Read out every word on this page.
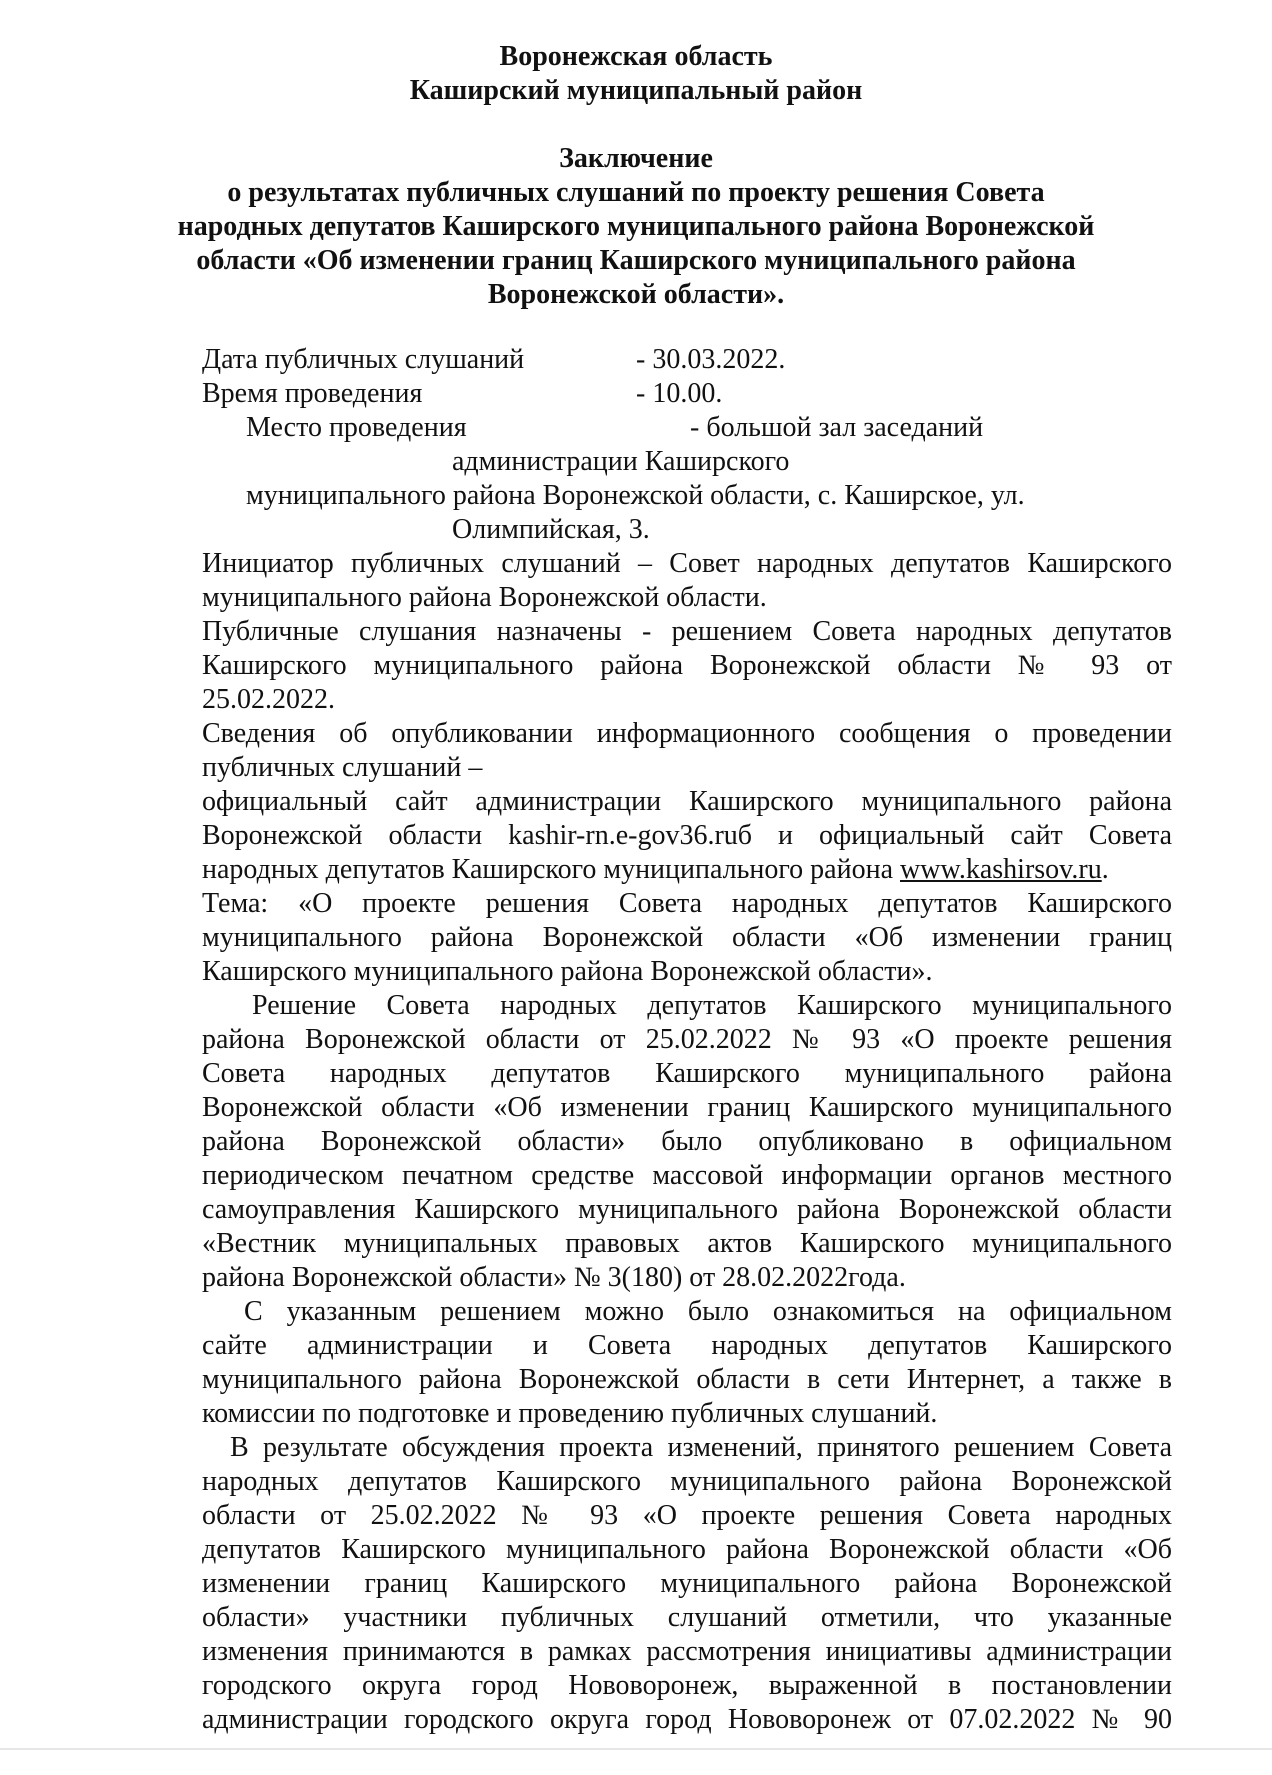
Воронежская область
Каширский муниципальный район
Заключение
о результатах публичных слушаний по проекту решения Совета
народных депутатов Каширского муниципального района Воронежской
области «Об изменении границ Каширского муниципального района
Воронежской области».
Дата публичных слушаний	- 30.03.2022.
Время проведения	- 10.00.
Место проведения	- большой зал заседаний
администрации Каширского
муниципального района Воронежской области, с. Каширское, ул.
Олимпийская, 3.
Инициатор публичных слушаний – Совет народных депутатов Каширского
муниципального района Воронежской области.
Публичные слушания назначены - решением Совета народных депутатов
Каширского муниципального района Воронежской области № 93 от
25.02.2022.
Сведения об опубликовании информационного сообщения о проведении
публичных слушаний –
официальный сайт администрации Каширского муниципального района
Воронежской области kashir-rn.e-gov36.ruб и официальный сайт Совета
народных депутатов Каширского муниципального района www.kashirsov.ru.
Тема: «О проекте решения Совета народных депутатов Каширского
муниципального района Воронежской области «Об изменении границ
Каширского муниципального района Воронежской области».
Решение Совета народных депутатов Каширского муниципального
района Воронежской области от 25.02.2022 № 93 «О проекте решения
Совета народных депутатов Каширского муниципального района
Воронежской области «Об изменении границ Каширского муниципального
района Воронежской области» было опубликовано в официальном
периодическом печатном средстве массовой информации органов местного
самоуправления Каширского муниципального района Воронежской области
«Вестник муниципальных правовых актов Каширского муниципального
района Воронежской области» № 3(180) от 28.02.2022года.
С указанным решением можно было ознакомиться на официальном
сайте администрации и Совета народных депутатов Каширского
муниципального района Воронежской области в сети Интернет, а также в
комиссии по подготовке и проведению публичных слушаний.
В результате обсуждения проекта изменений, принятого решением Совета
народных депутатов Каширского муниципального района Воронежской
области от 25.02.2022 № 93 «О проекте решения Совета народных
депутатов Каширского муниципального района Воронежской области «Об
изменении границ Каширского муниципального района Воронежской
области» участники публичных слушаний отметили, что указанные
изменения принимаются в рамках рассмотрения инициативы администрации
городского округа город Нововоронеж, выраженной в постановлении
администрации городского округа город Нововоронеж от 07.02.2022 № 90
